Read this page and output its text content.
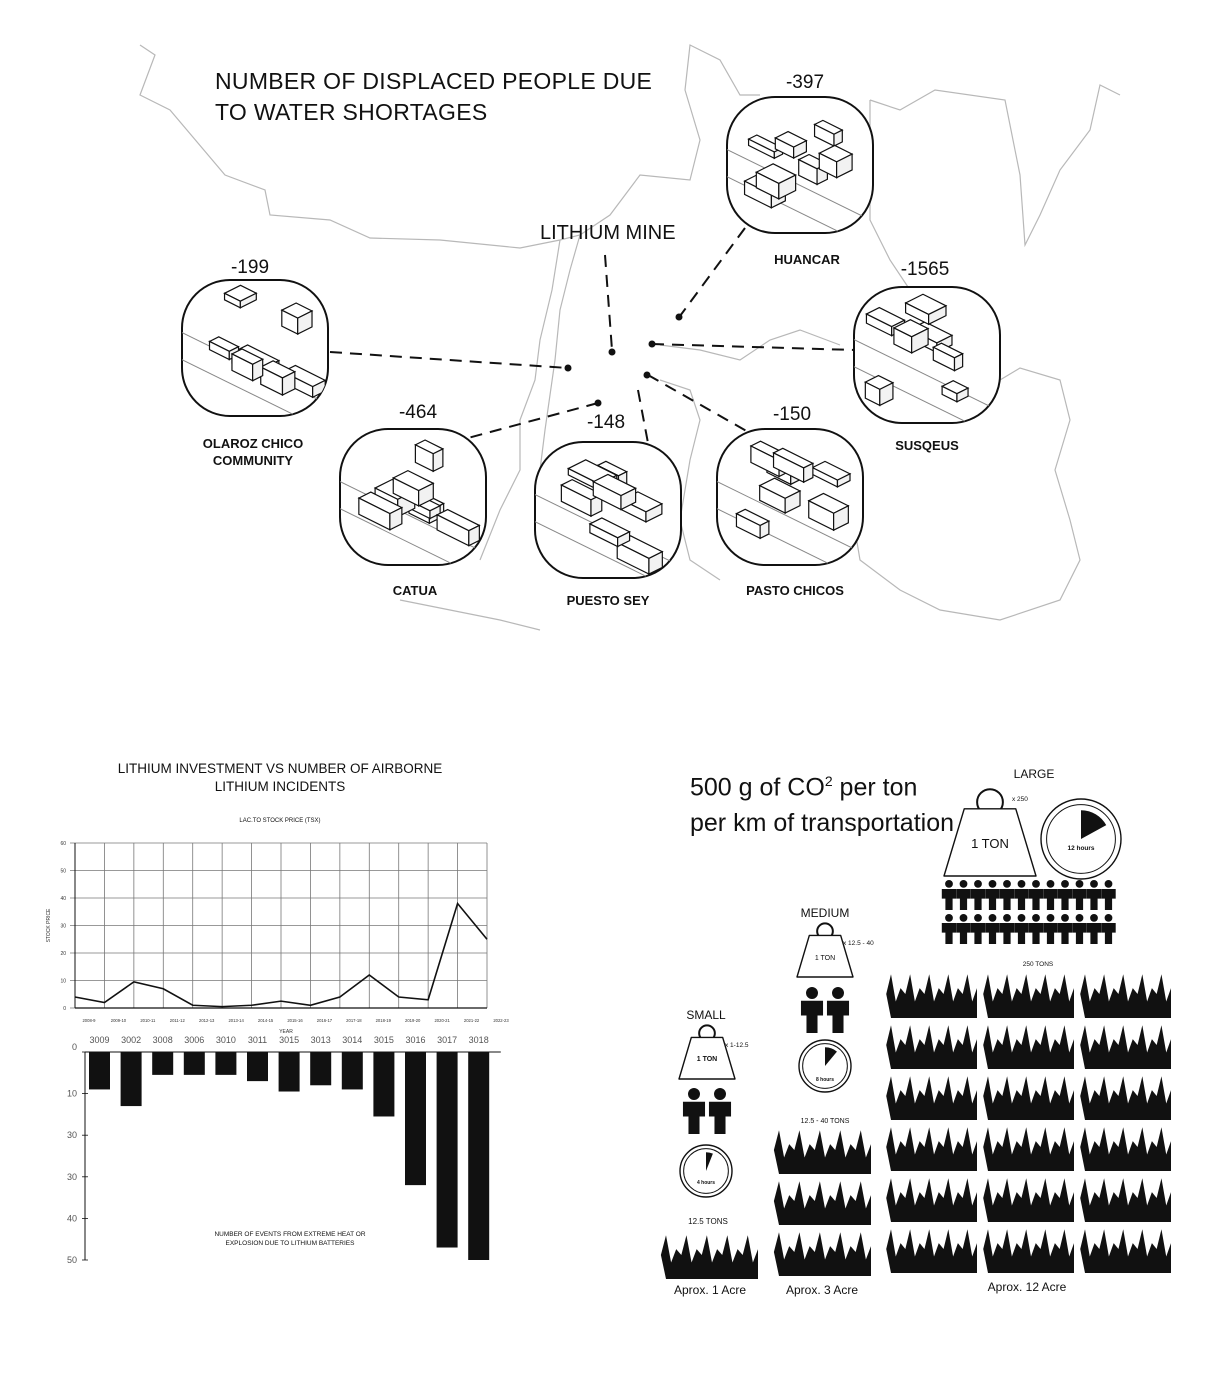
NUMBER OF DISPLACED PEOPLE DUE TO WATER SHORTAGES
LITHIUM MINE
-397
HUANCAR
-199
OLAROZ CHICO COMMUNITY
-1565
SUSQEUS
-464
CATUA
-148
PUESTO SEY
-150
PASTO CHICOS
LITHIUM INVESTMENT VS NUMBER OF AIRBORNE LITHIUM INCIDENTS
LAC.TO STOCK PRICE (TSX)
0
10
20
30
40
50
60
2008-9	2009-10	2010-11	2011-12	2012-13	2013-14	2014-15	2015-16	2016-17	2017-18	2018-19	2019-20	2020-21	2021-22	2022-23
STOCK PRICE
YEAR
0
10
30
30
40
50
3009 3002 3008 3006 3010 3011 3015 3013 3014 3015 3016 3017 3018
NUMBER OF EVENTS FROM EXTREME HEAT OR EXPLOSION DUE TO LITHIUM BATTERIES
500 g of $CO^2$ per ton per km of transportation
LARGE
1 TON
x 250
12 hours
250 TONS
Aprox. 12 Acre
MEDIUM
1 TON
x 12.5 - 40
8 hours
12.5 - 40 TONS
Aprox. 3 Acre
SMALL
1 TON
x 1-12.5
4 hours
12.5 TONS
Aprox. 1 Acre
